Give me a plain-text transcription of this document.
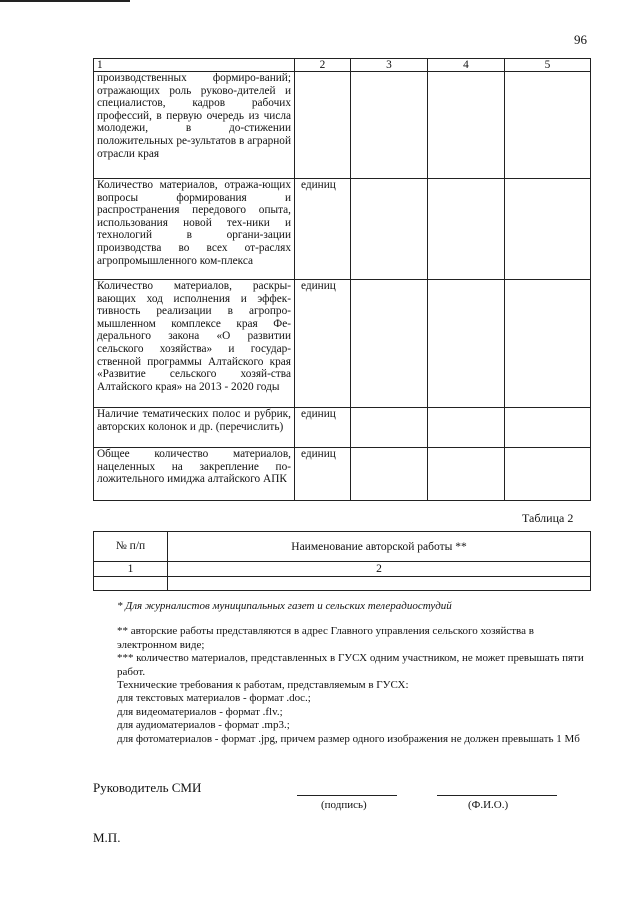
96
1	2	3	4	5
производственных формиро-ваний; отражающих роль руково-дителей и специалистов, кадров рабочих профессий, в первую очередь из числа молодежи, в до-стижении положительных ре-зультатов в аграрной отрасли края				
Количество материалов, отража-ющих вопросы формирования и распространения передового опыта, использования новой тех-ники и технологий в органи-зации производства во всех от-раслях агропромышленного ком-плекса	единиц			
Количество материалов, раскры-вающих ход исполнения и эффек-тивность реализации в агропро-мышленном комплексе края Фе-дерального закона «О развитии сельского хозяйства» и государ-ственной программы Алтайского края «Развитие сельского хозяй-ства Алтайского края» на 2013 - 2020 годы	единиц			
Наличие тематических полос и рубрик, авторских колонок и др. (перечислить)	единиц			
Общее количество материалов, нацеленных на закрепление по-ложительного имиджа алтайского АПК	единиц			
Таблица 2
№ п/п	Наименование авторской работы **
1	2

* Для журналистов муниципальных газет и сельских телерадиостудий

** авторские работы представляются в адрес Главного управления сельского хозяйства в электронном виде;

*** количество материалов, представленных в ГУСХ одним участником, не может превышать пяти работ.

Технические требования к работам, представляемым в ГУСХ:

для текстовых материалов - формат .doc.;

для видеоматериалов - формат .flv.;

для аудиоматериалов - формат .mp3.;

для фотоматериалов - формат .jpg, причем размер одного изображения не должен превышать 1 Мб

Руководитель СМИ
(подпись)	(Ф.И.О.)
М.П.
